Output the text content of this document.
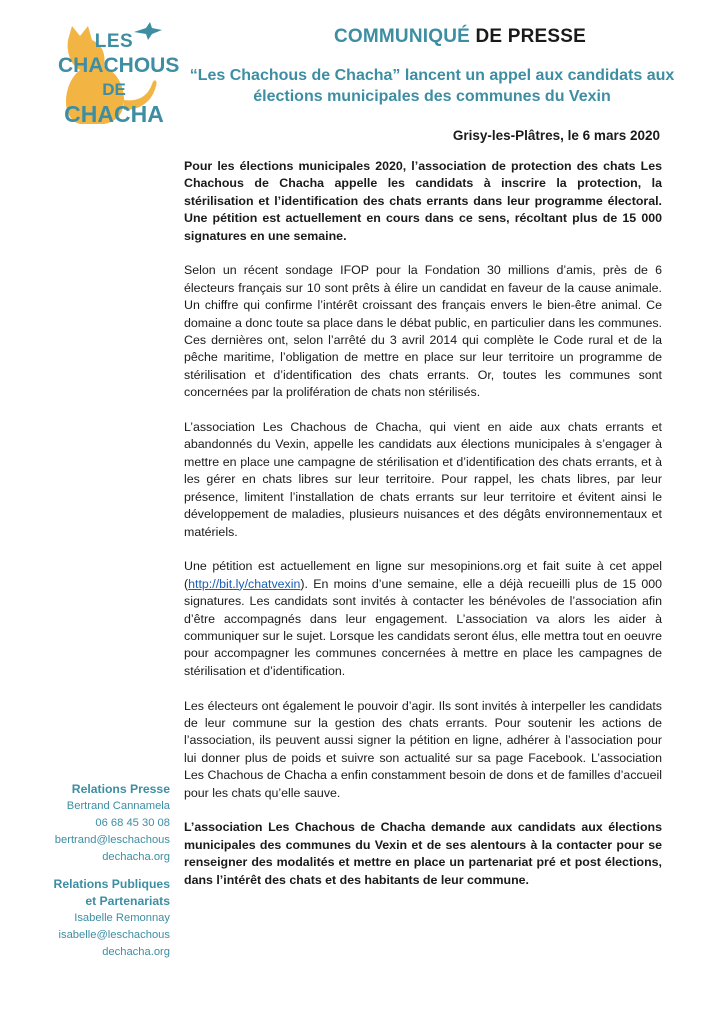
LES
CHACHOUS
DE
CHACHA
COMMUNIQUÉ DE PRESSE
“Les Chachous de Chacha” lancent un appel aux candidats aux élections municipales des communes du Vexin
Grisy-les-Plâtres, le 6 mars 2020

Pour les élections municipales 2020, l’association de protection des chats Les Chachous de Chacha appelle les candidats à inscrire la protection, la stérilisation et l’identification des chats errants dans leur programme électoral. Une pétition est actuellement en cours dans ce sens, récoltant plus de 15 000 signatures en une semaine.

Selon un récent sondage IFOP pour la Fondation 30 millions d’amis, près de 6 électeurs français sur 10 sont prêts à élire un candidat en faveur de la cause animale. Un chiffre qui confirme l’intérêt croissant des français envers le bien-être animal. Ce domaine a donc toute sa place dans le débat public, en particulier dans les communes. Ces dernières ont, selon l’arrêté du 3 avril 2014 qui complète le Code rural et de la pêche maritime, l’obligation de mettre en place sur leur territoire un programme de stérilisation et d’identification des chats errants. Or, toutes les communes sont concernées par la prolifération de chats non stérilisés.

L’association Les Chachous de Chacha, qui vient en aide aux chats errants et abandonnés du Vexin, appelle les candidats aux élections municipales à s’engager à mettre en place une campagne de stérilisation et d’identification des chats errants, et à les gérer en chats libres sur leur territoire. Pour rappel, les chats libres, par leur présence, limitent l’installation de chats errants sur leur territoire et évitent ainsi le développement de maladies, plusieurs nuisances et des dégâts environnementaux et matériels.

Une pétition est actuellement en ligne sur mesopinions.org et fait suite à cet appel (http://bit.ly/chatvexin). En moins d’une semaine, elle a déjà recueilli plus de 15 000 signatures. Les candidats sont invités à contacter les bénévoles de l’association afin d’être accompagnés dans leur engagement. L’association va alors les aider à communiquer sur le sujet. Lorsque les candidats seront élus, elle mettra tout en oeuvre pour accompagner les communes concernées à mettre en place les campagnes de stérilisation et d’identification.

Les électeurs ont également le pouvoir d’agir. Ils sont invités à interpeller les candidats de leur commune sur la gestion des chats errants. Pour soutenir les actions de l’association, ils peuvent aussi signer la pétition en ligne, adhérer à l’association pour lui donner plus de poids et suivre son actualité sur sa page Facebook. L’association Les Chachous de Chacha a enfin constamment besoin de dons et de familles d’accueil pour les chats qu’elle sauve.

L’association Les Chachous de Chacha demande aux candidats aux élections municipales des communes du Vexin et de ses alentours à la contacter pour se renseigner des modalités et mettre en place un partenariat pré et post élections, dans l’intérêt des chats et des habitants de leur commune.

Relations Presse
Bertrand Cannamela
06 68 45 30 08
bertrand@leschachous
dechacha.org
Relations Publiques
et Partenariats
Isabelle Remonnay
isabelle@leschachous
dechacha.org
